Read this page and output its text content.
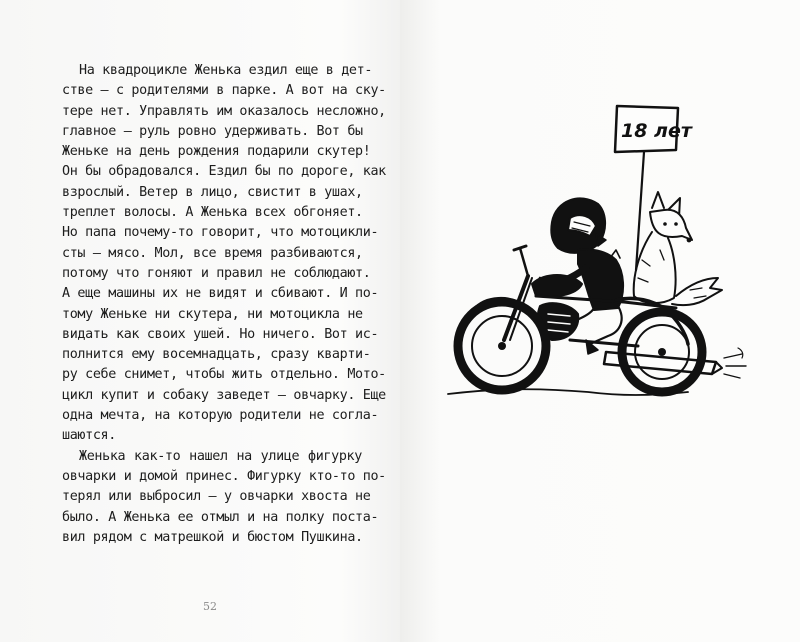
На квадроцикле Женька ездил еще в дет-
стве — с родителями в парке. А вот на ску-
тере нет. Управлять им оказалось несложно,
главное — руль ровно удерживать. Вот бы
Женьке на день рождения подарили скутер!
Он бы обрадовался. Ездил бы по дороге, как
взрослый. Ветер в лицо, свистит в ушах,
треплет волосы. А Женька всех обгоняет.
Но папа почему-то говорит, что мотоцикли-
сты — мясо. Мол, все время разбиваются,
потому что гоняют и правил не соблюдают.
А еще машины их не видят и сбивают. И по-
тому Женьке ни скутера, ни мотоцикла не
видать как своих ушей. Но ничего. Вот ис-
полнится ему восемнадцать, сразу кварти-
ру себе снимет, чтобы жить отдельно. Мото-
цикл купит и собаку заведет — овчарку. Еще
одна мечта, на которую родители не согла-
шаются.
Женька как-то нашел на улице фигурку
овчарки и домой принес. Фигурку кто-то по-
терял или выбросил — у овчарки хвоста не
было. А Женька ее отмыл и на полку поста-
вил рядом с матрешкой и бюстом Пушкина.
52
18 лет
